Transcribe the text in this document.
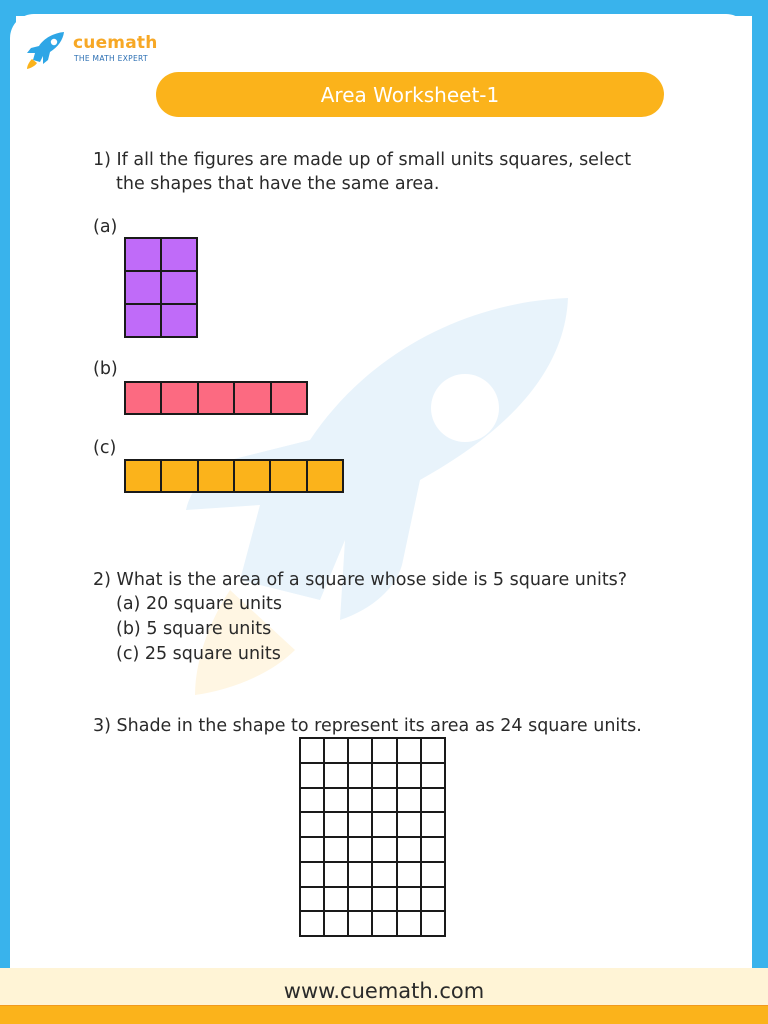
cuemath
THE MATH EXPERT
Area Worksheet-1
1) If all the figures are made up of small units squares, select
the shapes that have the same area.
(a)
(b)
(c)
2) What is the area of a square whose side is 5 square units?
(a) 20 square units
(b) 5 square units
(c) 25 square units
3) Shade in the shape to represent its area as 24 square units.
www.cuemath.com
